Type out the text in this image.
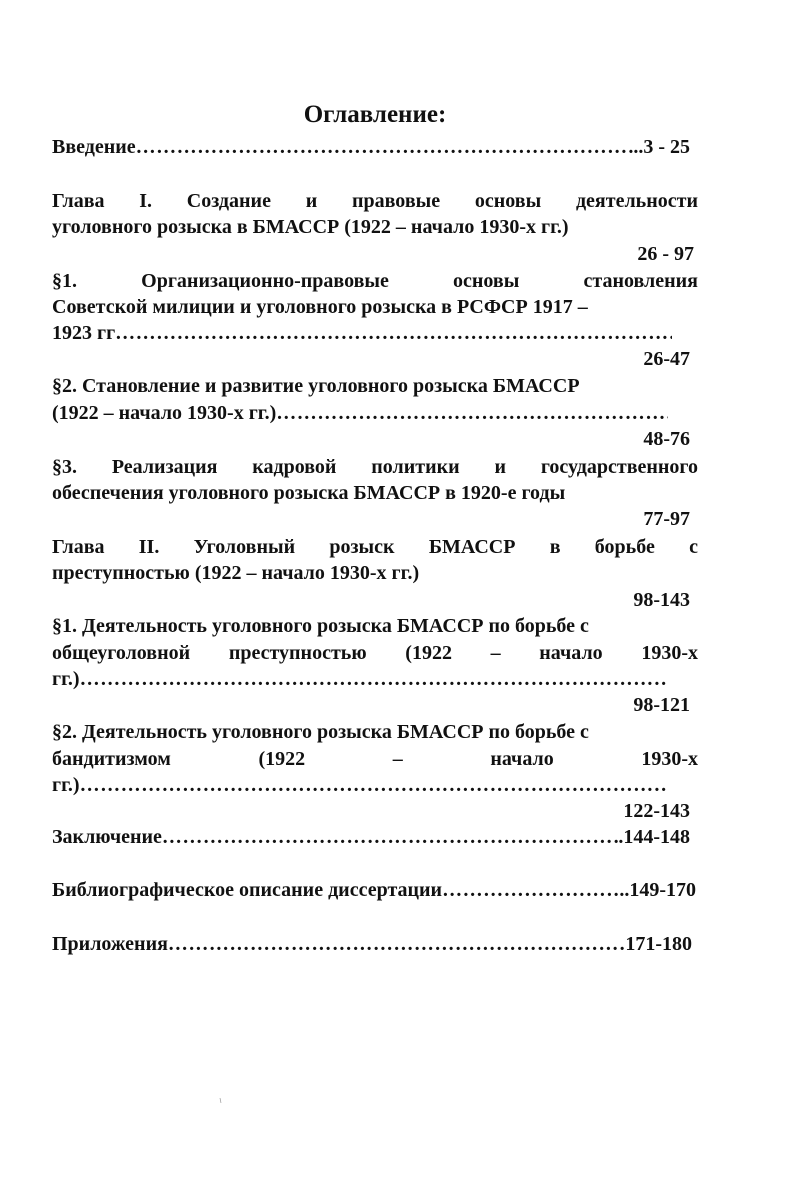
Оглавление:
Введение …………………………………………………………………………………………………………………………………………………………………………………………………………	..3 - 25
Глава I. Создание и правовые основы деятельности
уголовного розыска в БМАССР (1922 – начало 1930-х гг.)
26 - 97
§1.	Организационно-правовые	основы	становления
Советской милиции и уголовного розыска в РСФСР 1917 –
1923 гг
…………………………………………………………………………………………………………………………………………………………………………………………………………
26-47
§2. Становление и развитие уголовного розыска БМАССР
(1922 – начало 1930-х гг.)
…………………………………………………………………………………………………………………………………………………………………………………………………………
48-76
§3. Реализация кадровой политики и государственного
обеспечения уголовного розыска БМАССР в 1920-е годы
77-97
Глава II. Уголовный розыск БМАССР в борьбе с
преступностью (1922 – начало 1930-х гг.)
98-143
§1. Деятельность уголовного розыска БМАССР по борьбе с
общеуголовной преступностью (1922 – начало 1930-х
гг.)
…………………………………………………………………………………………………………………………………………………………………………………………………………
98-121
§2. Деятельность уголовного розыска БМАССР по борьбе с
бандитизмом	(1922	–	начало	1930-х
гг.)
…………………………………………………………………………………………………………………………………………………………………………………………………………
122-143
Заключение …………………………………………………………………………………………………………………………………………………………………………………………………………	.144-148
Библиографическое описание диссертации …………………………………………………………………………………………………………………………………………………………………………………………………………	..149-170
Приложения …………………………………………………………………………………………………………………………………………………………………………………………………………	171-180
